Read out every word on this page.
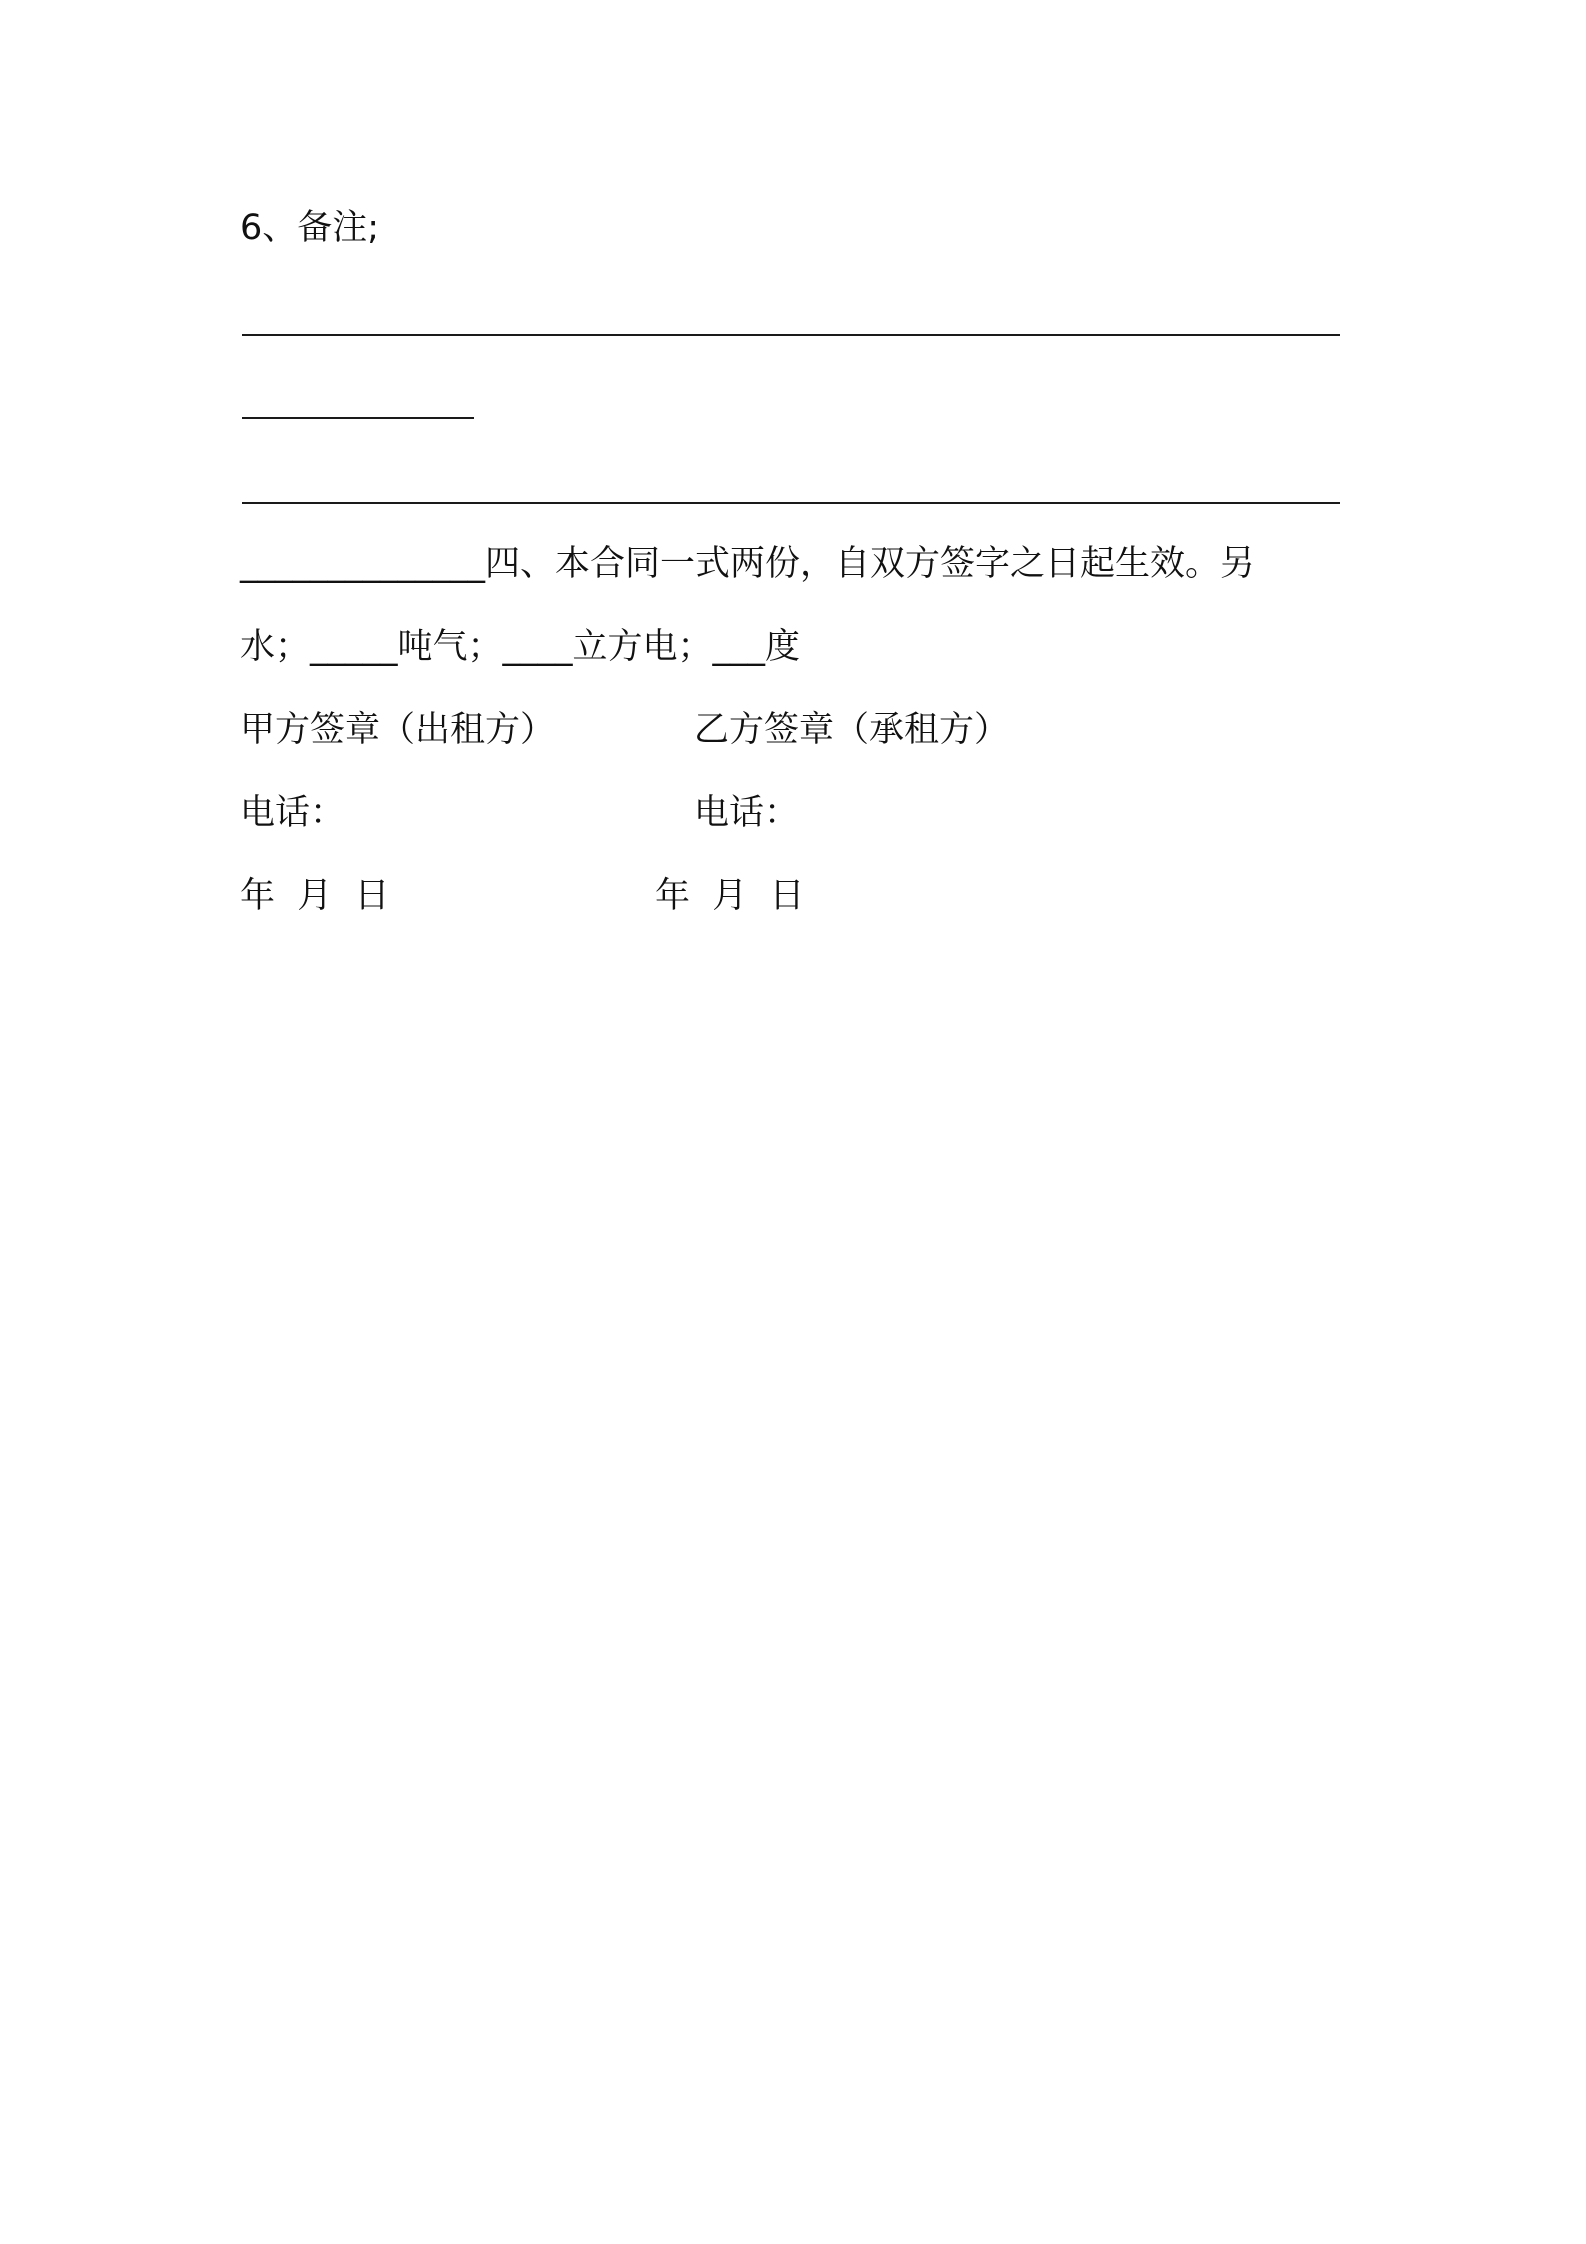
6、备注;
______________四、本合同一式两份，自双方签字之日起生效。另
水；_____吨气；____立方电；___度
甲方签章（出租方）	乙方签章（承租方）
电话：	电话：
年  月  日	年  月  日
